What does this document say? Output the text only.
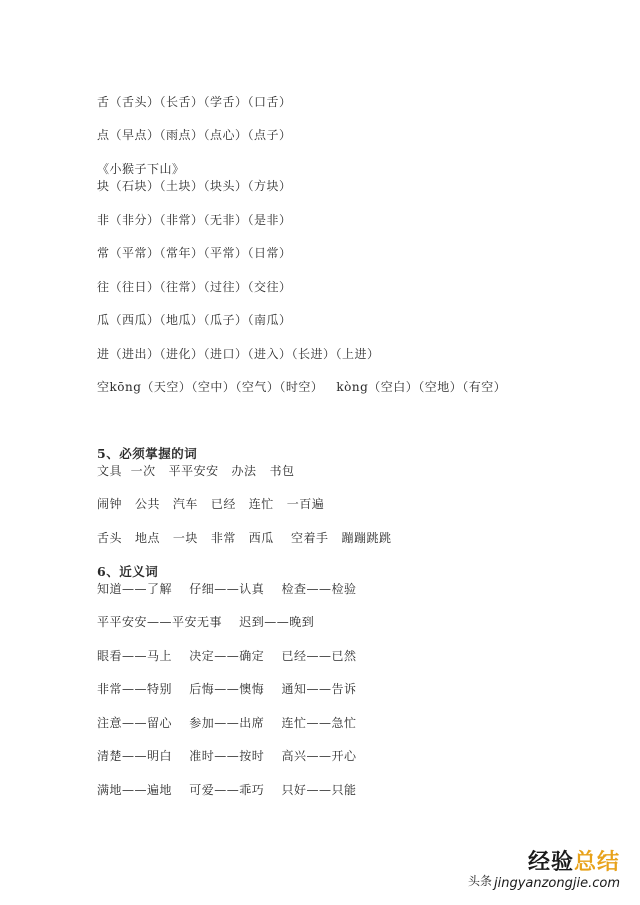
舌（舌头）（长舌）（学舌）（口舌）
点（早点）（雨点）（点心）（点子）
《小猴子下山》
块（石块）（土块）（块头）（方块）
非（非分）（非常）（无非）（是非）
常（平常）（常年）（平常）（日常）
往（往日）（往常）（过往）（交往）
瓜（西瓜）（地瓜）（瓜子）（南瓜）
进（进出）（进化）（进口）（进入）（长进）（上进）
空kōng（天空）（空中）（空气）（时空）   kòng（空白）（空地）（有空）
5、必须掌握的词
文具  一次   平平安安   办法   书包
闹钟   公共   汽车   已经   连忙   一百遍
舌头   地点   一块   非常   西瓜    空着手   蹦蹦跳跳
6、近义词
知道——了解    仔细——认真    检查——检验
平平安安——平安无事    迟到——晚到
眼看——马上    决定——确定    已经——已然
非常——特别    后悔——懊悔    通知——告诉
注意——留心    参加——出席    连忙——急忙
清楚——明白    准时——按时    高兴——开心
满地——遍地    可爱——乖巧    只好——只能
经验总结
头条 jingyanzongjie.com
